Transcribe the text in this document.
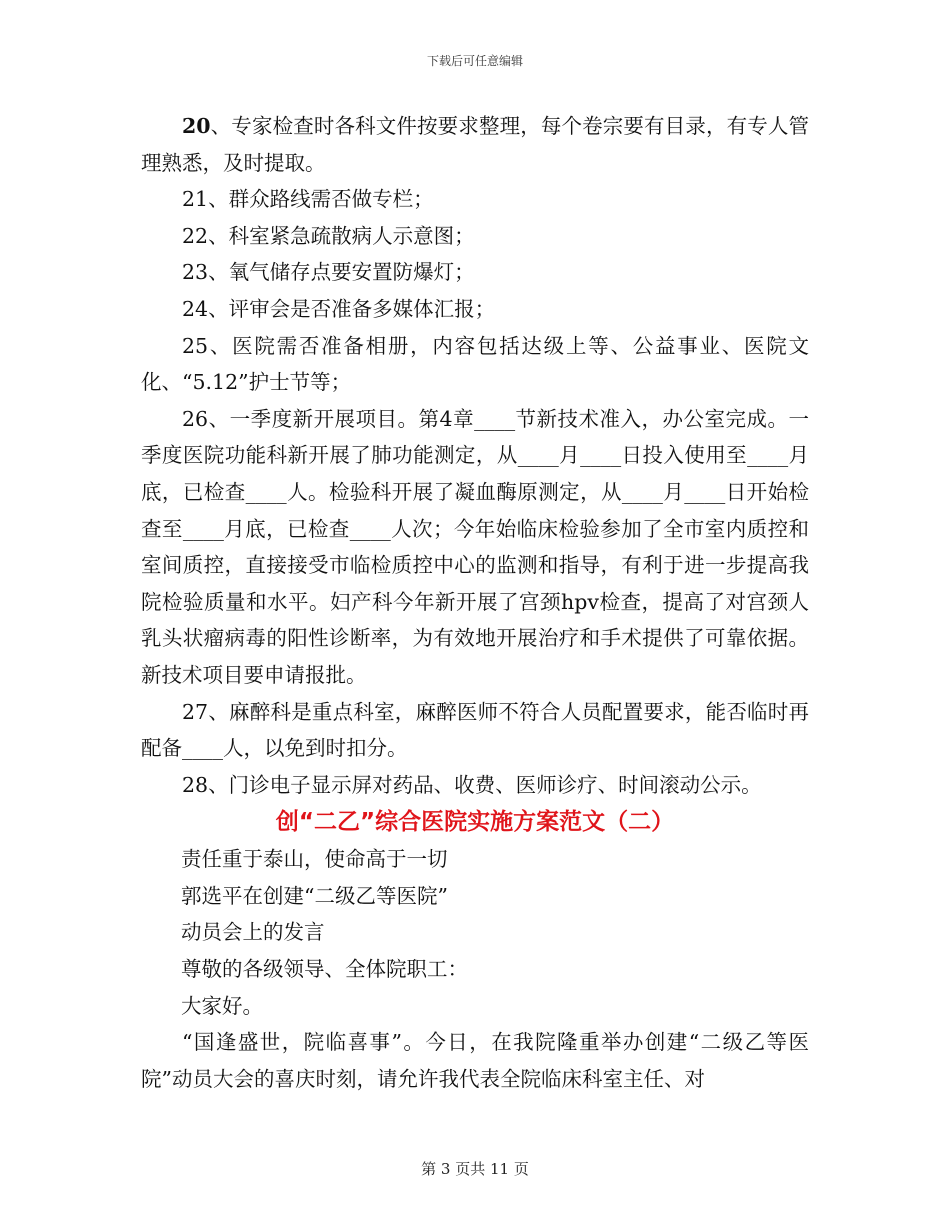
下载后可任意编辑

20、专家检查时各科文件按要求整理，每个卷宗要有目录，有专人管理熟悉，及时提取。

21、群众路线需否做专栏；

22、科室紧急疏散病人示意图；

23、氧气储存点要安置防爆灯；

24、评审会是否准备多媒体汇报；

25、医院需否准备相册，内容包括达级上等、公益事业、医院文化、“5.12”护士节等；

26、一季度新开展项目。第4章____节新技术准入，办公室完成。一季度医院功能科新开展了肺功能测定，从____月____日投入使用至____月底，已检查____人。检验科开展了凝血酶原测定，从____月____日开始检查至____月底，已检查____人次；今年始临床检验参加了全市室内质控和室间质控，直接接受市临检质控中心的监测和指导，有利于进一步提高我院检验质量和水平。妇产科今年新开展了宫颈hpv检查，提高了对宫颈人乳头状瘤病毒的阳性诊断率，为有效地开展治疗和手术提供了可靠依据。新技术项目要申请报批。

27、麻醉科是重点科室，麻醉医师不符合人员配置要求，能否临时再配备____人，以免到时扣分。

28、门诊电子显示屏对药品、收费、医师诊疗、时间滚动公示。

创“二乙”综合医院实施方案范文（二）

责任重于泰山，使命高于一切

郭选平在创建“二级乙等医院”

动员会上的发言

尊敬的各级领导、全体院职工：

大家好。

“国逢盛世，院临喜事”。今日，在我院隆重举办创建“二级乙等医院”动员大会的喜庆时刻，请允许我代表全院临床科室主任、对

第 3 页共 11 页
